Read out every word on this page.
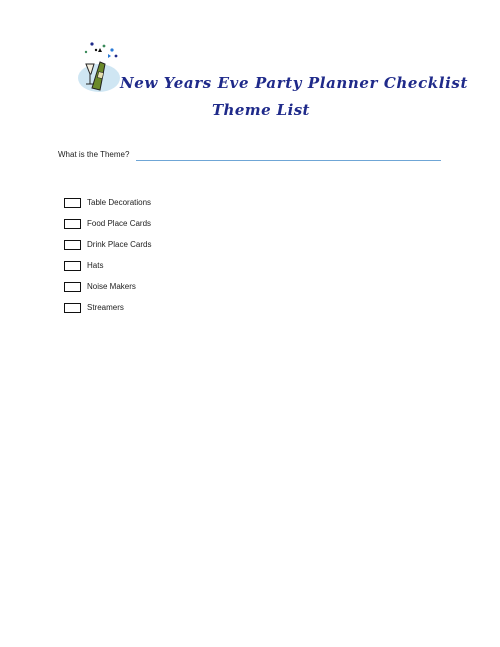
New Years Eve Party Planner Checklist
Theme List
What is the Theme?
Table Decorations
Food Place Cards
Drink Place Cards
Hats
Noise Makers
Streamers
